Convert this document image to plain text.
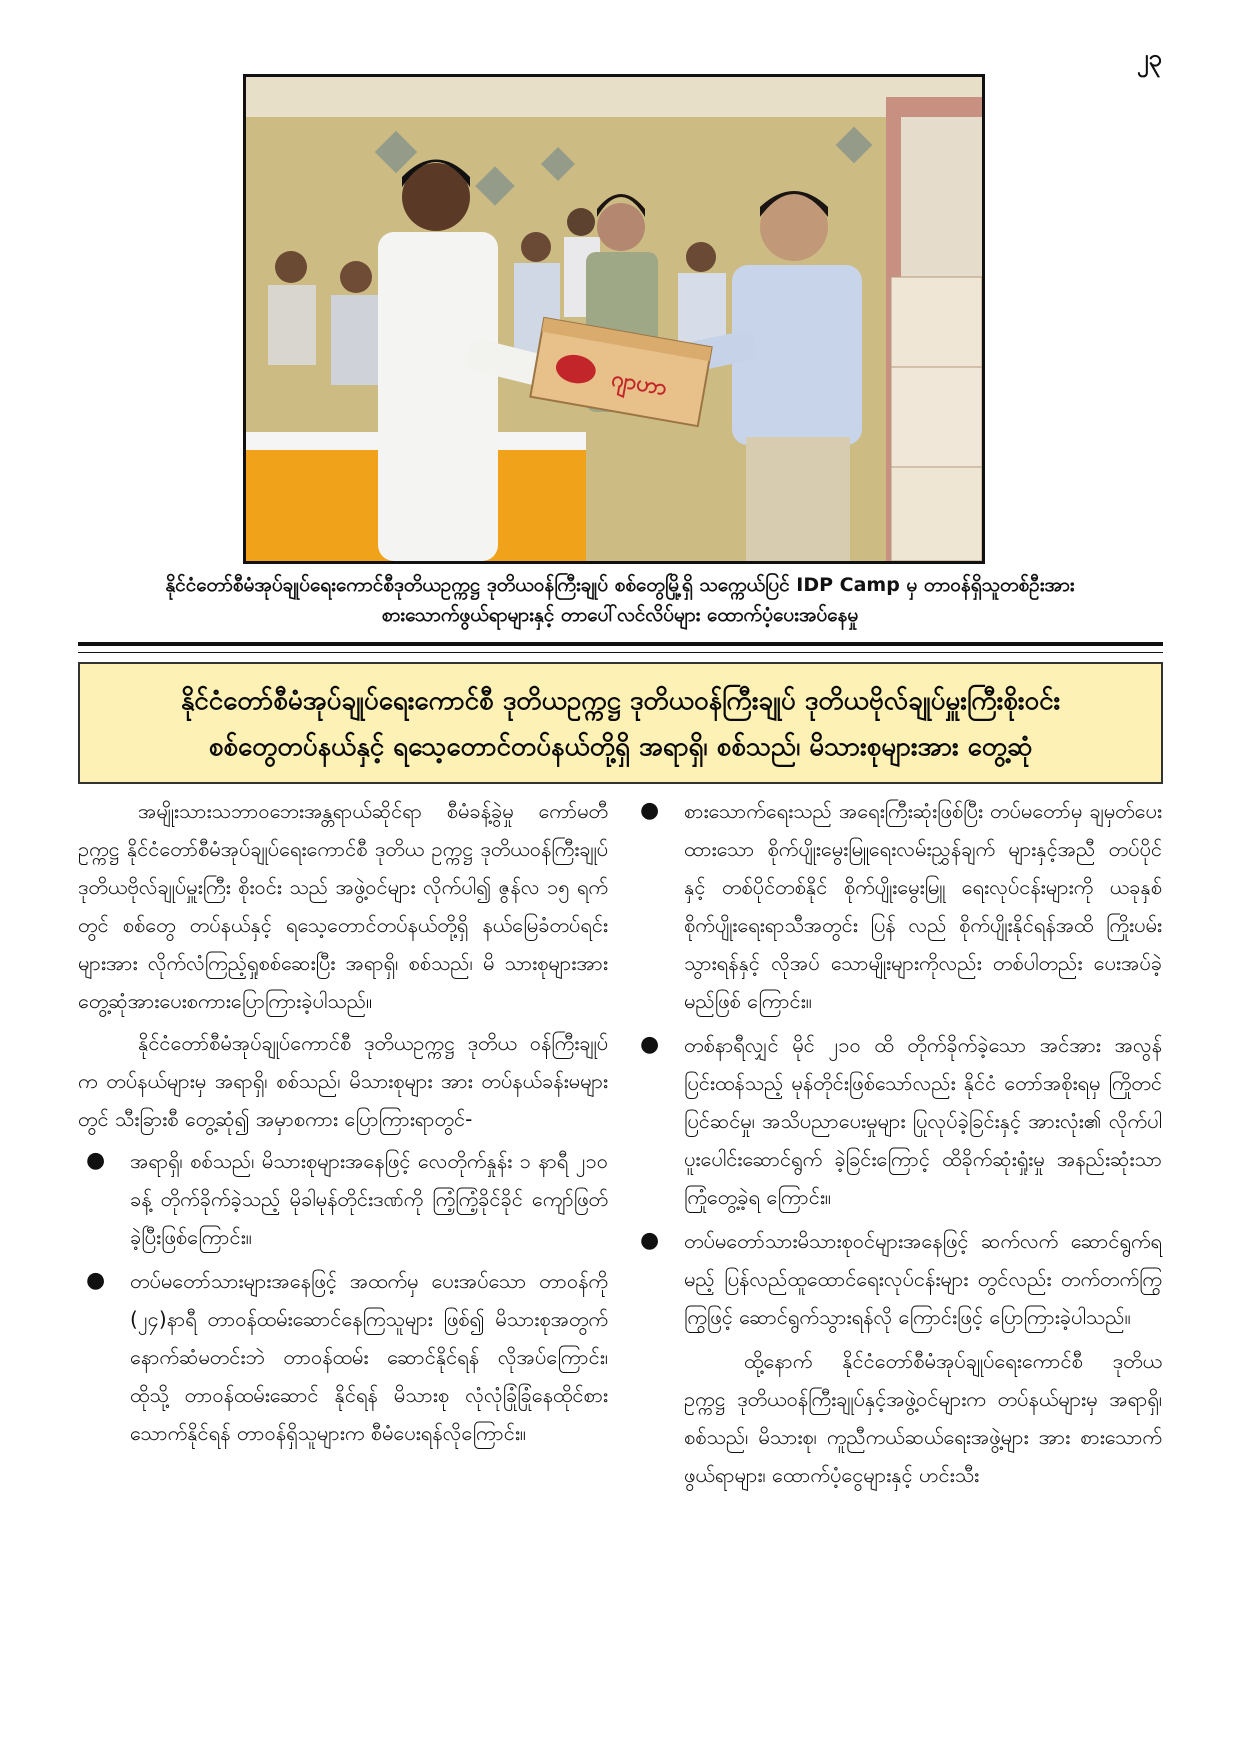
၂၃
ဂျာဟာ
နိုင်ငံတော်စီမံအုပ်ချုပ်ရေးကောင်စီဒုတိယဥက္ကဋ္ဌ ဒုတိယဝန်ကြီးချုပ် စစ်တွေမြို့ရှိ သက္ကေယ်ပြင် IDP Camp မှ တာဝန်ရှိသူတစ်ဦးအား
စားသောက်ဖွယ်ရာများနှင့် တာပေါ်လင်လိပ်များ ထောက်ပံ့ပေးအပ်နေမှု
နိုင်ငံတော်စီမံအုပ်ချုပ်ရေးကောင်စီ ဒုတိယဥက္ကဋ္ဌ ဒုတိယဝန်ကြီးချုပ် ဒုတိယဗိုလ်ချုပ်မှူးကြီးစိုးဝင်း
စစ်တွေတပ်နယ်နှင့် ရသေ့တောင်တပ်နယ်တို့ရှိ အရာရှိ၊ စစ်သည်၊ မိသားစုများအား တွေ့ဆုံ

အမျိုးသားသဘာဝဘေးအန္တရာယ်ဆိုင်ရာ စီမံခန့်ခွဲမှု ကော်မတီဥက္ကဋ္ဌ နိုင်ငံတော်စီမံအုပ်ချုပ်ရေးကောင်စီ ဒုတိယ ဥက္ကဋ္ဌ ဒုတိယဝန်ကြီးချုပ် ဒုတိယဗိုလ်ချုပ်မှူးကြီး စိုးဝင်း သည် အဖွဲ့ဝင်များ လိုက်ပါ၍ ဇွန်လ ၁၅ ရက်တွင် စစ်တွေ တပ်နယ်နှင့် ရသေ့တောင်တပ်နယ်တို့ရှိ နယ်မြေခံတပ်ရင်း များအား လိုက်လံကြည့်ရှုစစ်ဆေးပြီး အရာရှိ၊ စစ်သည်၊ မိ သားစုများအား တွေ့ဆုံအားပေးစကားပြောကြားခဲ့ပါသည်။

နိုင်ငံတော်စီမံအုပ်ချုပ်ကောင်စီ ဒုတိယဥက္ကဋ္ဌ ဒုတိယ ဝန်ကြီးချုပ်က တပ်နယ်များမှ အရာရှိ၊ စစ်သည်၊ မိသားစုများ အား တပ်နယ်ခန်းမများတွင် သီးခြားစီ တွေ့ဆုံ၍ အမှာစကား ပြောကြားရာတွင်-

● အရာရှိ၊ စစ်သည်၊ မိသားစုများအနေဖြင့် လေတိုက်နှုန်း ၁ နာရီ ၂၁၀ ခန့် တိုက်ခိုက်ခဲ့သည့် မိုခါမုန်တိုင်းဒဏ်ကို ကြံ့ကြံ့ခိုင်ခိုင် ကျော်ဖြတ်ခဲ့ပြီးဖြစ်ကြောင်း။
● တပ်မတော်သားများအနေဖြင့် အထက်မှ ပေးအပ်သော တာဝန်ကို (၂၄)နာရီ တာဝန်ထမ်းဆောင်နေကြသူများ ဖြစ်၍ မိသားစုအတွက် နောက်ဆံမတင်းဘဲ တာဝန်ထမ်း ဆောင်နိုင်ရန် လိုအပ်ကြောင်း၊ ထိုသို့ တာဝန်ထမ်းဆောင် နိုင်ရန် မိသားစု လုံလုံခြုံခြုံနေထိုင်စားသောက်နိုင်ရန် တာဝန်ရှိသူများက စီမံပေးရန်လိုကြောင်း။
● စားသောက်ရေးသည် အရေးကြီးဆုံးဖြစ်ပြီး တပ်မတော်မှ ချမှတ်ပေးထားသော စိုက်ပျိုးမွေးမြူရေးလမ်းညွှန်ချက် များနှင့်အညီ တပ်ပိုင်နှင့် တစ်ပိုင်တစ်နိုင် စိုက်ပျိုးမွေးမြူ ရေးလုပ်ငန်းများကို ယခုနှစ်စိုက်ပျိုးရေးရာသီအတွင်း ပြန် လည် စိုက်ပျိုးနိုင်ရန်အထိ ကြိုးပမ်းသွားရန်နှင့် လိုအပ် သောမျိုးများကိုလည်း တစ်ပါတည်း ပေးအပ်ခဲ့မည်ဖြစ် ကြောင်း။
● တစ်နာရီလျှင် မိုင် ၂၁၀ ထိ တိုက်ခိုက်ခဲ့သော အင်အား အလွန်ပြင်းထန်သည့် မုန်တိုင်းဖြစ်သော်လည်း နိုင်ငံ တော်အစိုးရမှ ကြိုတင်ပြင်ဆင်မှု၊ အသိပညာပေးမှုများ ပြုလုပ်ခဲ့ခြင်းနှင့် အားလုံး၏ လိုက်ပါပူးပေါင်းဆောင်ရွက် ခဲ့ခြင်းကြောင့် ထိခိုက်ဆုံးရှုံးမှု အနည်းဆုံးသာကြုံတွေ့ခဲ့ရ ကြောင်း။
● တပ်မတော်သားမိသားစုဝင်များအနေဖြင့် ဆက်လက် ဆောင်ရွက်ရမည့် ပြန်လည်ထူထောင်ရေးလုပ်ငန်းများ တွင်လည်း တက်တက်ကြွကြွဖြင့် ဆောင်ရွက်သွားရန်လို ကြောင်းဖြင့် ပြောကြားခဲ့ပါသည်။

ထို့နောက် နိုင်ငံတော်စီမံအုပ်ချုပ်ရေးကောင်စီ ဒုတိယ ဥက္ကဋ္ဌ ဒုတိယဝန်ကြီးချုပ်နှင့်အဖွဲ့ဝင်များက တပ်နယ်များမှ အရာရှိ၊ စစ်သည်၊ မိသားစု၊ ကူညီကယ်ဆယ်ရေးအဖွဲ့များ အား စားသောက်ဖွယ်ရာများ၊ ထောက်ပံ့ငွေများနှင့် ဟင်းသီး
